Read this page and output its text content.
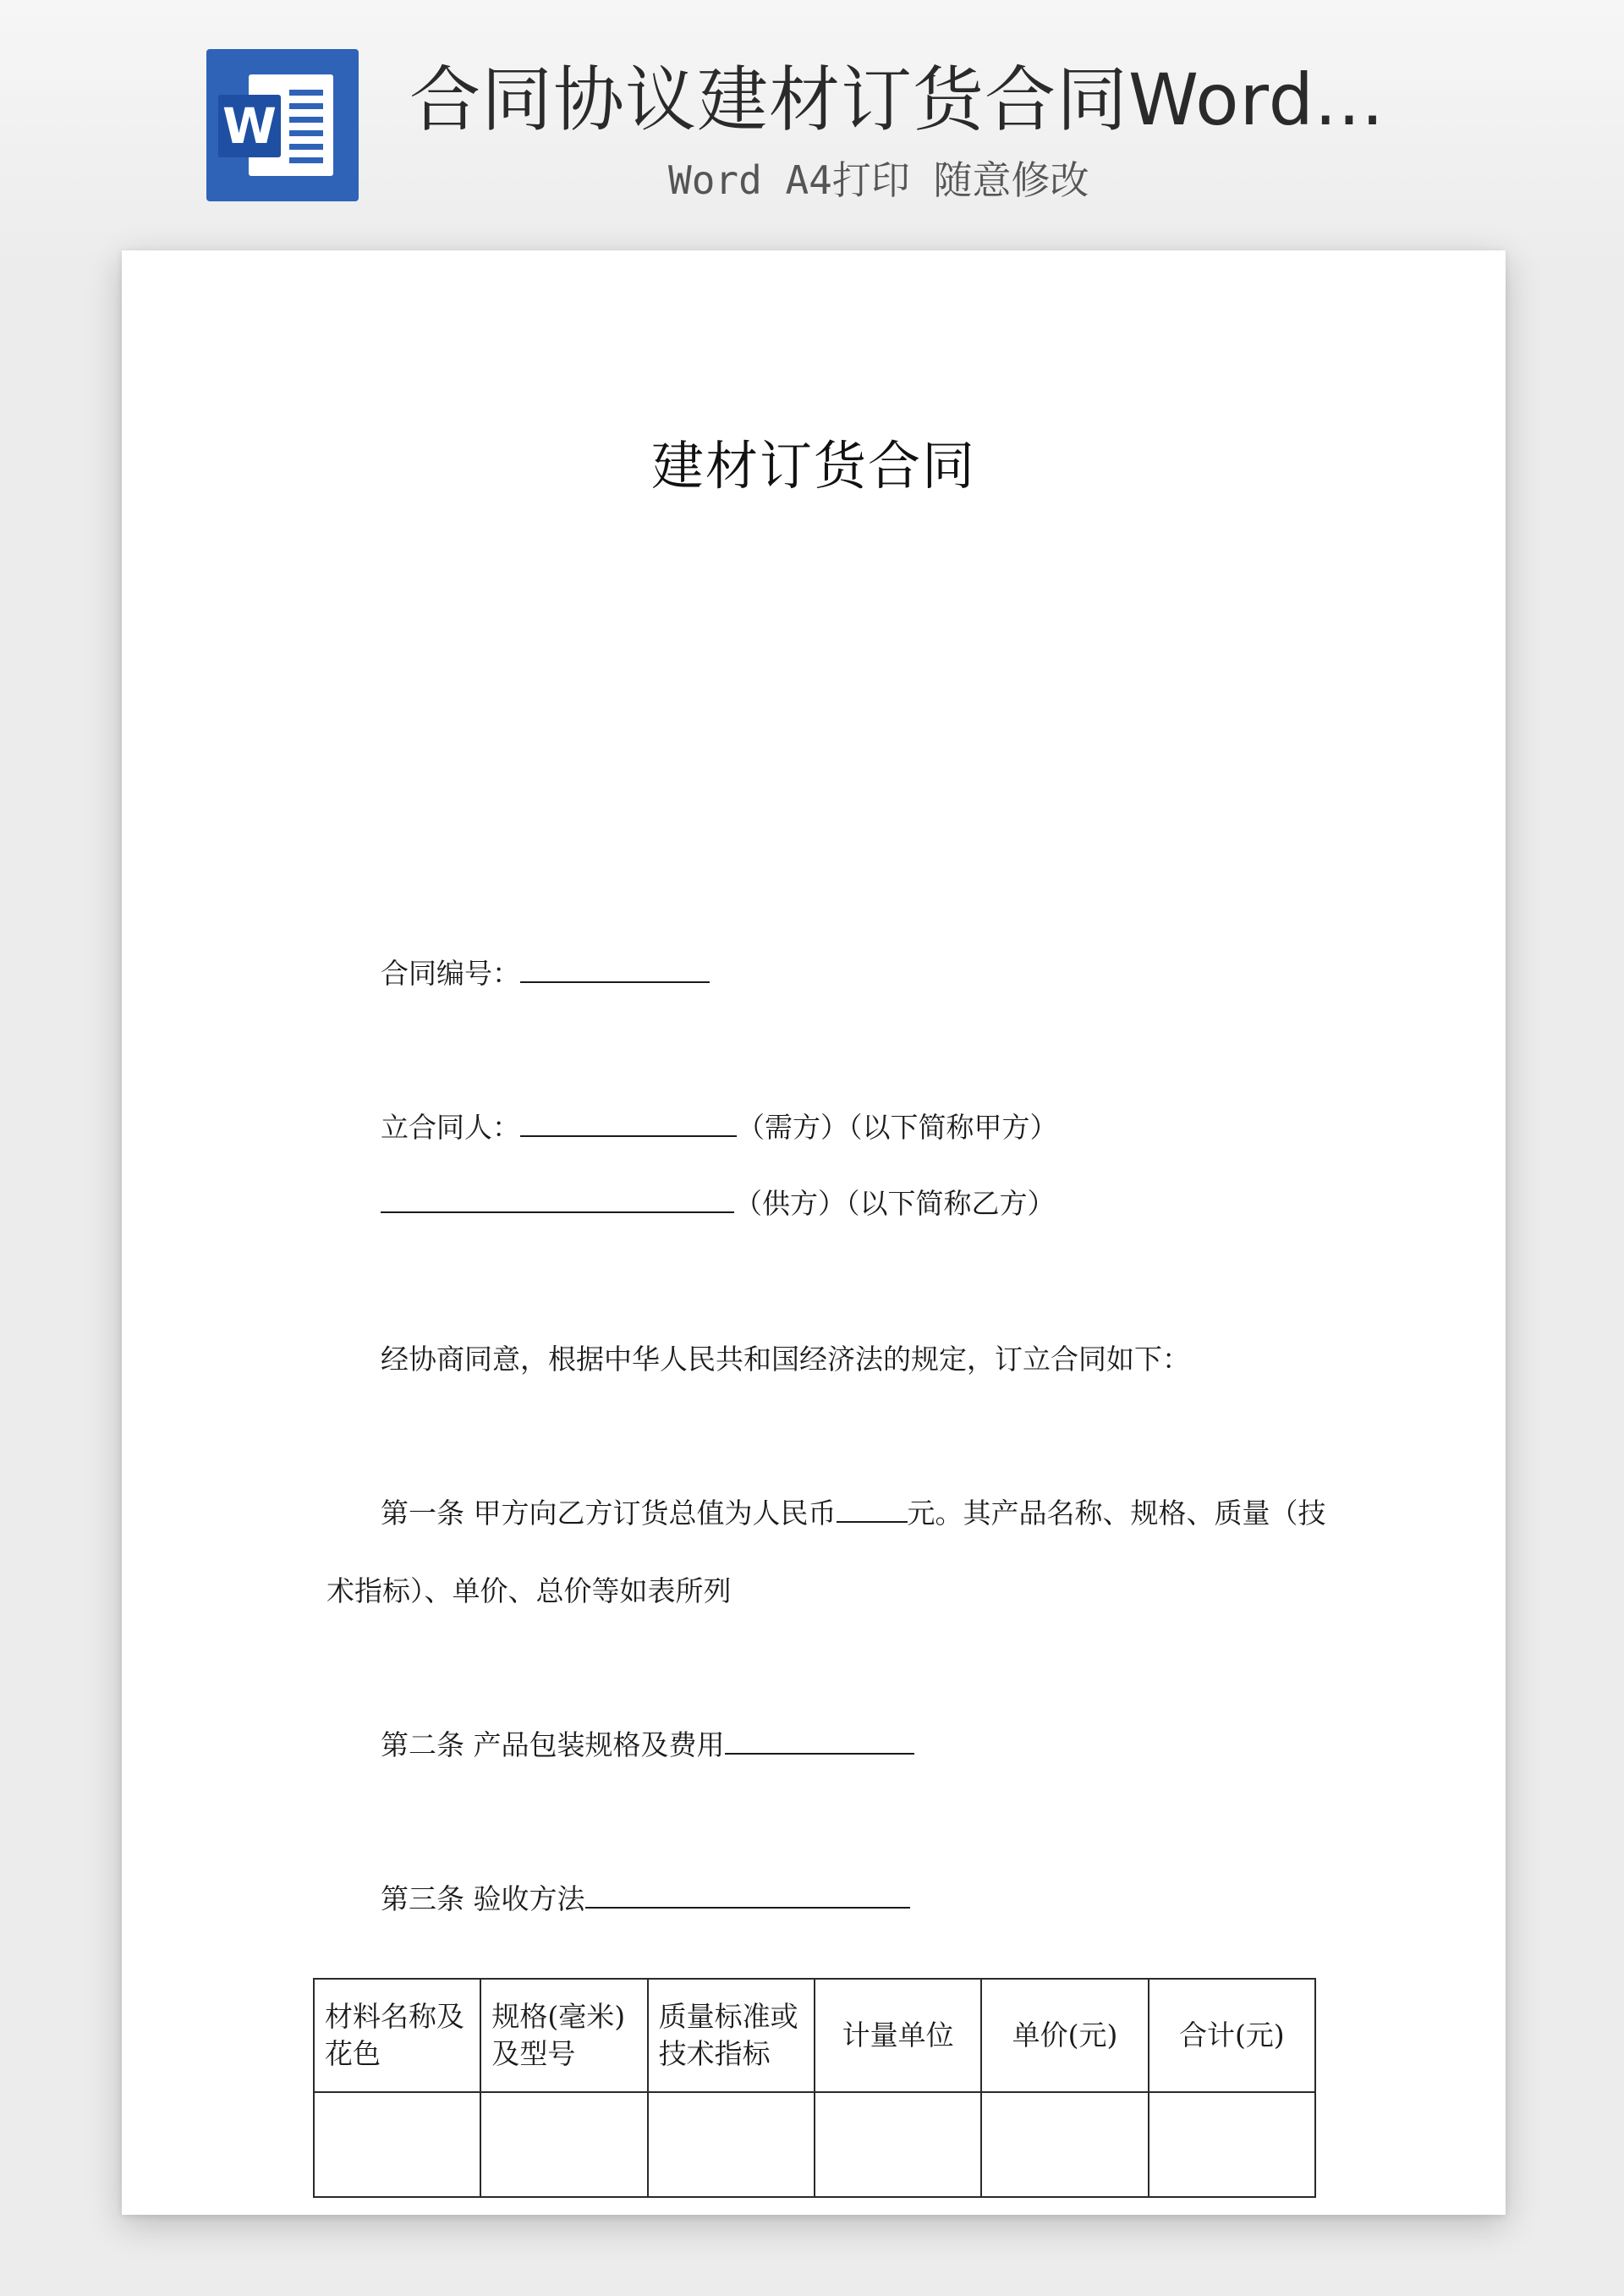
W 合同协议建材订货合同Word...
Word A4打印 随意修改
建材订货合同
合同编号：
立合同人：	（需方）（以下简称甲方）
（供方）（以下简称乙方）
经协商同意，根据中华人民共和国经济法的规定，订立合同如下：
第一条 甲方向乙方订货总值为人民币	元。其产品名称、规格、质量（技
术指标）、单价、总价等如表所列
第二条 产品包装规格及费用
第三条 验收方法
材料名称及花色	规格(毫米)及型号	质量标准或技术指标	计量单位	单价(元)	合计(元)
